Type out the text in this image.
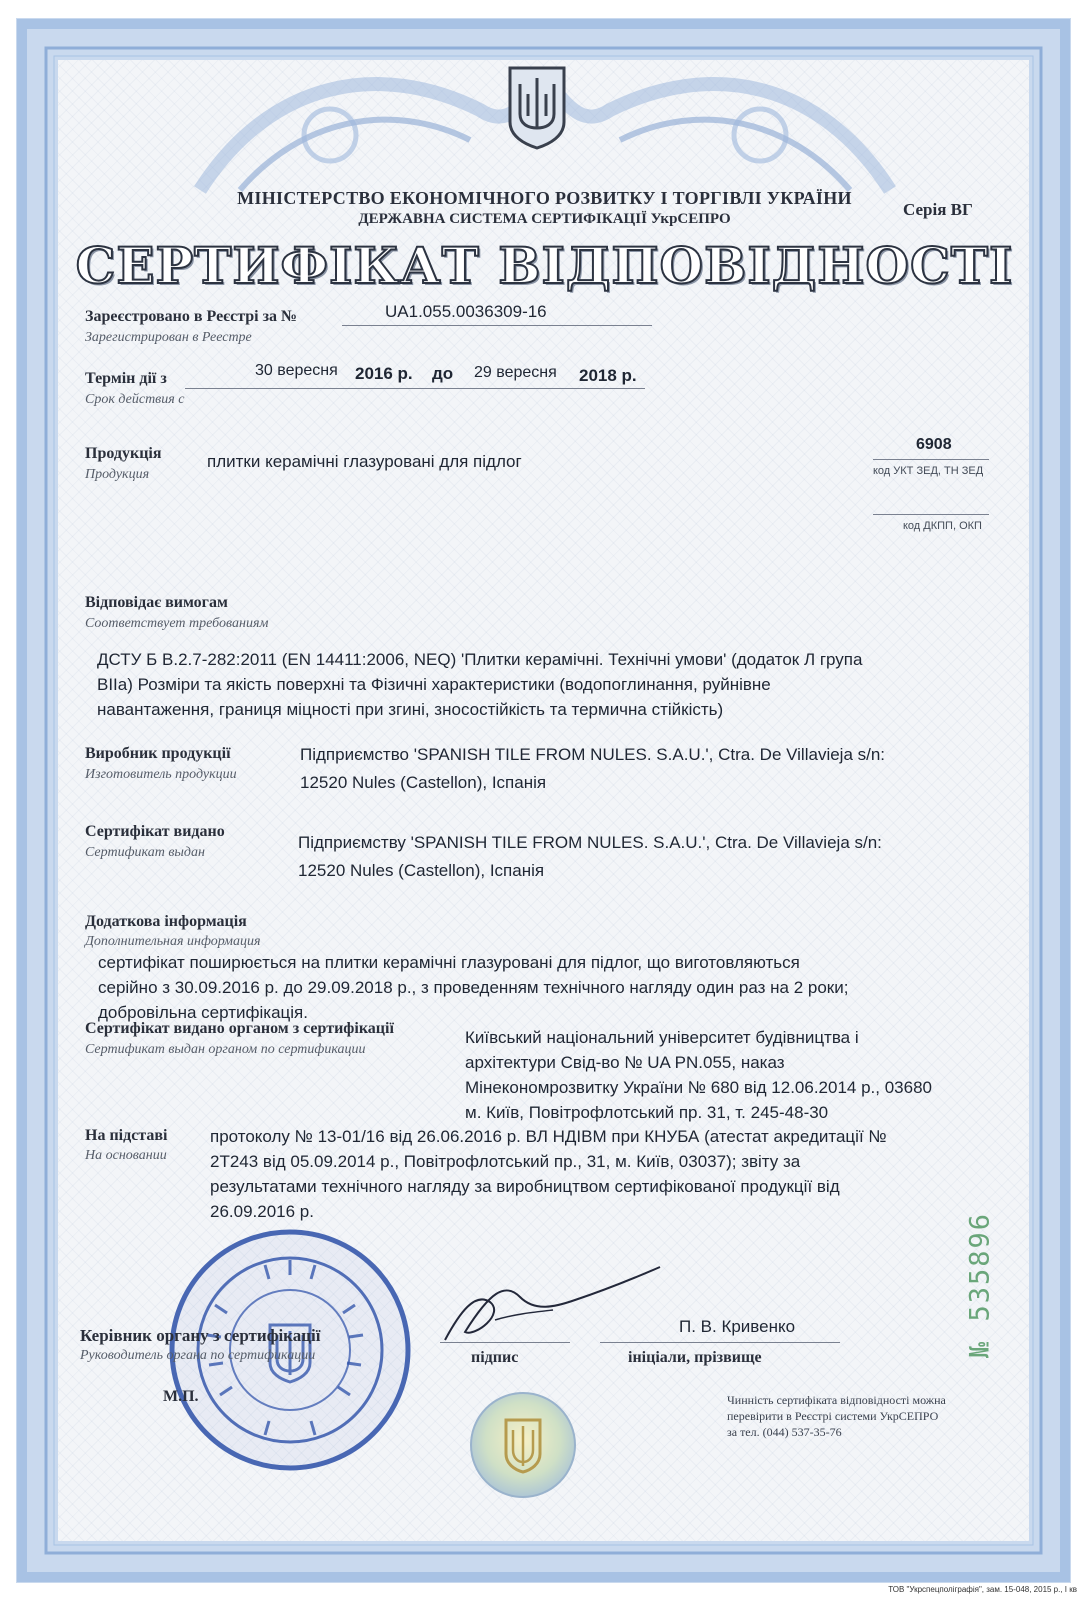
МІНІСТЕРСТВО ЕКОНОМІЧНОГО РОЗВИТКУ І ТОРГІВЛІ УКРАЇНИ
ДЕРЖАВНА СИСТЕМА СЕРТИФІКАЦІЇ УкрСЕПРО	Серія ВГ
СЕРТИФІКАТ ВІДПОВІДНОСТІ
Зареєстровано в Реєстрі за №
Зарегистрирован в Реестре
UA1.055.0036309-16
Термін дії з
Срок действия с
30 вересня 2016 р. до 29 вересня 2018 р.
Продукція
Продукция
плитки керамічні глазуровані для підлог
6908
код УКТ ЗЕД, ТН ЗЕД
код ДКПП, ОКП
Відповідає вимогам
Соответствует требованиям
ДСТУ Б В.2.7-282:2011 (EN 14411:2006, NEQ) 'Плитки керамічні. Технічні умови' (додаток Л група
BIIa) Розміри та якість поверхні та Фізичні характеристики (водопоглинання, руйнівне
навантаження, границя міцності при згині, зносостійкість та термична стійкість)
Виробник продукції
Изготовитель продукции
Підприємство 'SPANISH TILE FROM NULES. S.A.U.', Ctra. De Villavieja s/n:
12520 Nules (Castellon), Іспанія
Сертифікат видано
Сертификат выдан
Підприємству 'SPANISH TILE FROM NULES. S.A.U.', Ctra. De Villavieja s/n:
12520 Nules (Castellon), Іспанія
Додаткова інформація
Дополнительная информация
сертифікат поширюється на плитки керамічні глазуровані для підлог, що виготовляються
серійно з 30.09.2016 р. до 29.09.2018 р., з проведенням технічного нагляду один раз на 2 роки;
добровільна сертифікація.
Сертифікат видано органом з сертифікації
Сертификат выдан органом по сертификации
Київський національний університет будівництва і
архітектури Свід-во № UA PN.055, наказ
Мінекономрозвитку України № 680 від 12.06.2014 р., 03680
м. Київ, Повітрофлотський пр. 31, т. 245-48-30
На підставі
На основании
протоколу № 13-01/16 від 26.06.2016 р. ВЛ НДІВМ при КНУБА (атестат акредитації №
2Т243 від 05.09.2014 р., Повітрофлотський пр., 31, м. Київ, 03037); звіту за
результатами технічного нагляду за виробництвом сертифікованої продукції від
26.09.2016 р.
Керівник органу з сертифікації
Руководитель органа по сертификации
П. В. Кривенко
підпис	ініціали, прізвище
М.П.	Чинність сертифіката відповідності можна
перевірити в Реєстрі системи УкрСЕПРО
за тел. (044) 537-35-76
№ 535896
ТОВ "Укрспецполіграфія", зам. 15-048, 2015 р., І кв
